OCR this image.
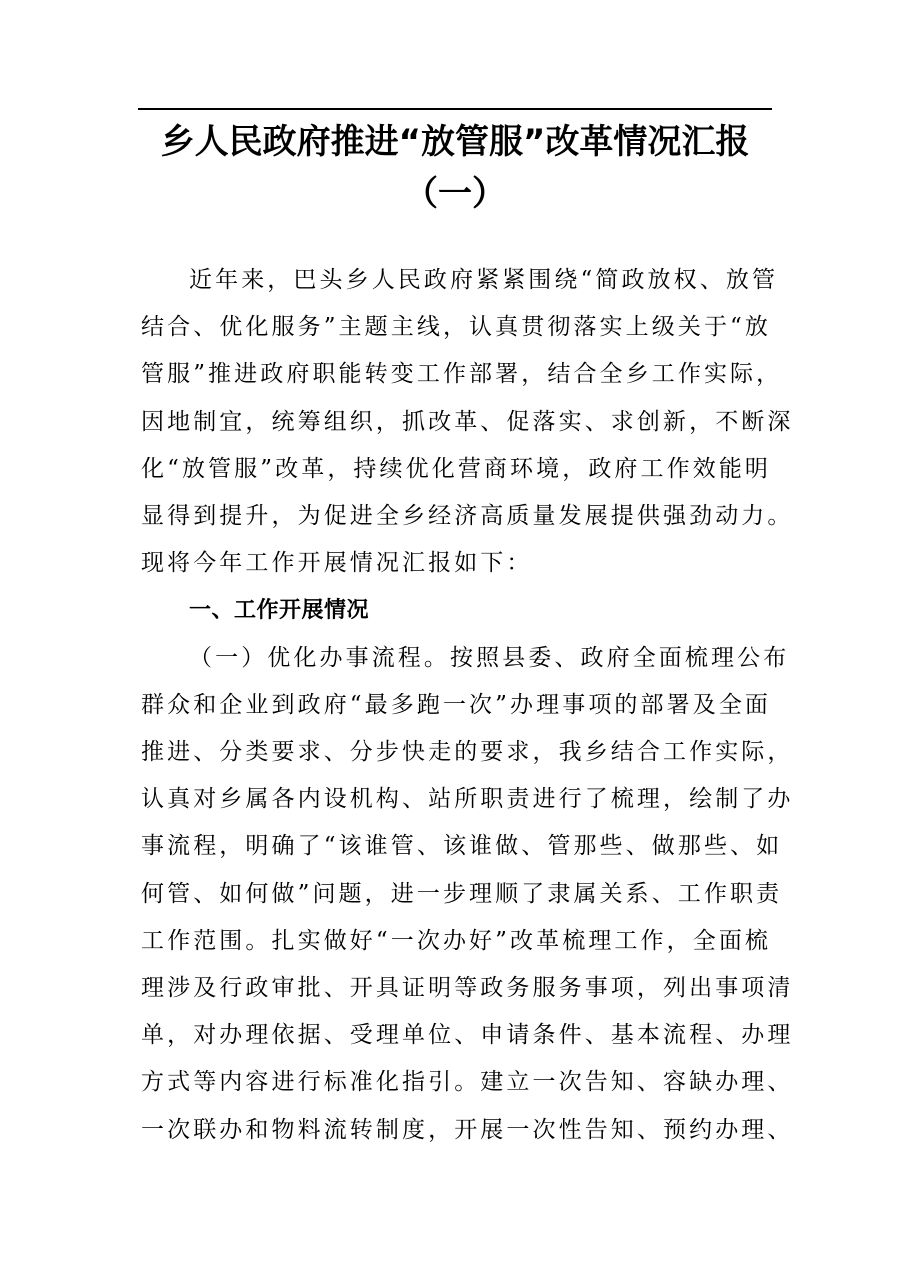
乡人民政府推进“放管服”改革情况汇报
（一）

近年来，巴头乡人民政府紧紧围绕“简政放权、放管
结合、优化服务”主题主线，认真贯彻落实上级关于“放
管服”推进政府职能转变工作部署，结合全乡工作实际，
因地制宜，统筹组织，抓改革、促落实、求创新，不断深
化“放管服”改革，持续优化营商环境，政府工作效能明
显得到提升，为促进全乡经济高质量发展提供强劲动力。
现将今年工作开展情况汇报如下：

一、工作开展情况

（一）优化办事流程。按照县委、政府全面梳理公布
群众和企业到政府“最多跑一次”办理事项的部署及全面
推进、分类要求、分步快走的要求，我乡结合工作实际，
认真对乡属各内设机构、站所职责进行了梳理，绘制了办
事流程，明确了“该谁管、该谁做、管那些、做那些、如
何管、如何做”问题，进一步理顺了隶属关系、工作职责
工作范围。扎实做好“一次办好”改革梳理工作，全面梳
理涉及行政审批、开具证明等政务服务事项，列出事项清
单，对办理依据、受理单位、申请条件、基本流程、办理
方式等内容进行标准化指引。建立一次告知、容缺办理、
一次联办和物料流转制度，开展一次性告知、预约办理、
